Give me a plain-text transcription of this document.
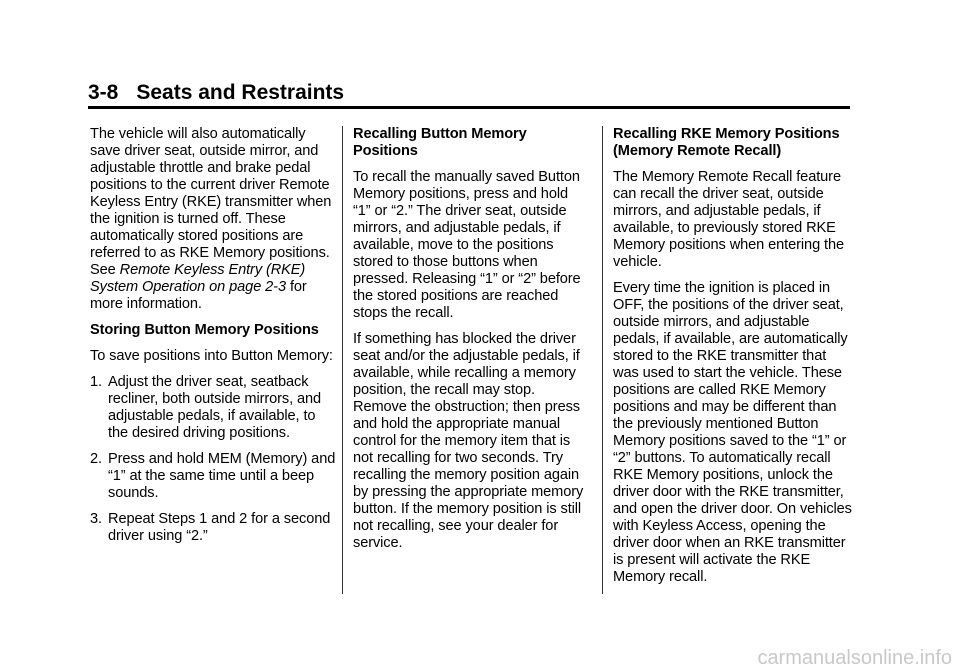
3-8 Seats and Restraints

The vehicle will also automatically save driver seat, outside mirror, and adjustable throttle and brake pedal positions to the current driver Remote Keyless Entry (RKE) transmitter when the ignition is turned off. These automatically stored positions are referred to as RKE Memory positions. See Remote Keyless Entry (RKE) System Operation on page 2-3 for more information.

Storing Button Memory Positions

To save positions into Button Memory:

1. Adjust the driver seat, seatback recliner, both outside mirrors, and adjustable pedals, if available, to the desired driving positions.
2. Press and hold MEM (Memory) and “1” at the same time until a beep sounds.
3. Repeat Steps 1 and 2 for a second driver using “2.”

Recalling Button Memory Positions

To recall the manually saved Button Memory positions, press and hold “1” or “2.” The driver seat, outside mirrors, and adjustable pedals, if available, move to the positions stored to those buttons when pressed. Releasing “1” or “2” before the stored positions are reached stops the recall.

If something has blocked the driver seat and/or the adjustable pedals, if available, while recalling a memory position, the recall may stop. Remove the obstruction; then press and hold the appropriate manual control for the memory item that is not recalling for two seconds. Try recalling the memory position again by pressing the appropriate memory button. If the memory position is still not recalling, see your dealer for service.

Recalling RKE Memory Positions (Memory Remote Recall)

The Memory Remote Recall feature can recall the driver seat, outside mirrors, and adjustable pedals, if available, to previously stored RKE Memory positions when entering the vehicle.

Every time the ignition is placed in OFF, the positions of the driver seat, outside mirrors, and adjustable pedals, if available, are automatically stored to the RKE transmitter that was used to start the vehicle. These positions are called RKE Memory positions and may be different than the previously mentioned Button Memory positions saved to the “1” or “2” buttons. To automatically recall RKE Memory positions, unlock the driver door with the RKE transmitter, and open the driver door. On vehicles with Keyless Access, opening the driver door when an RKE transmitter is present will activate the RKE Memory recall.

carmanualsonline.info
